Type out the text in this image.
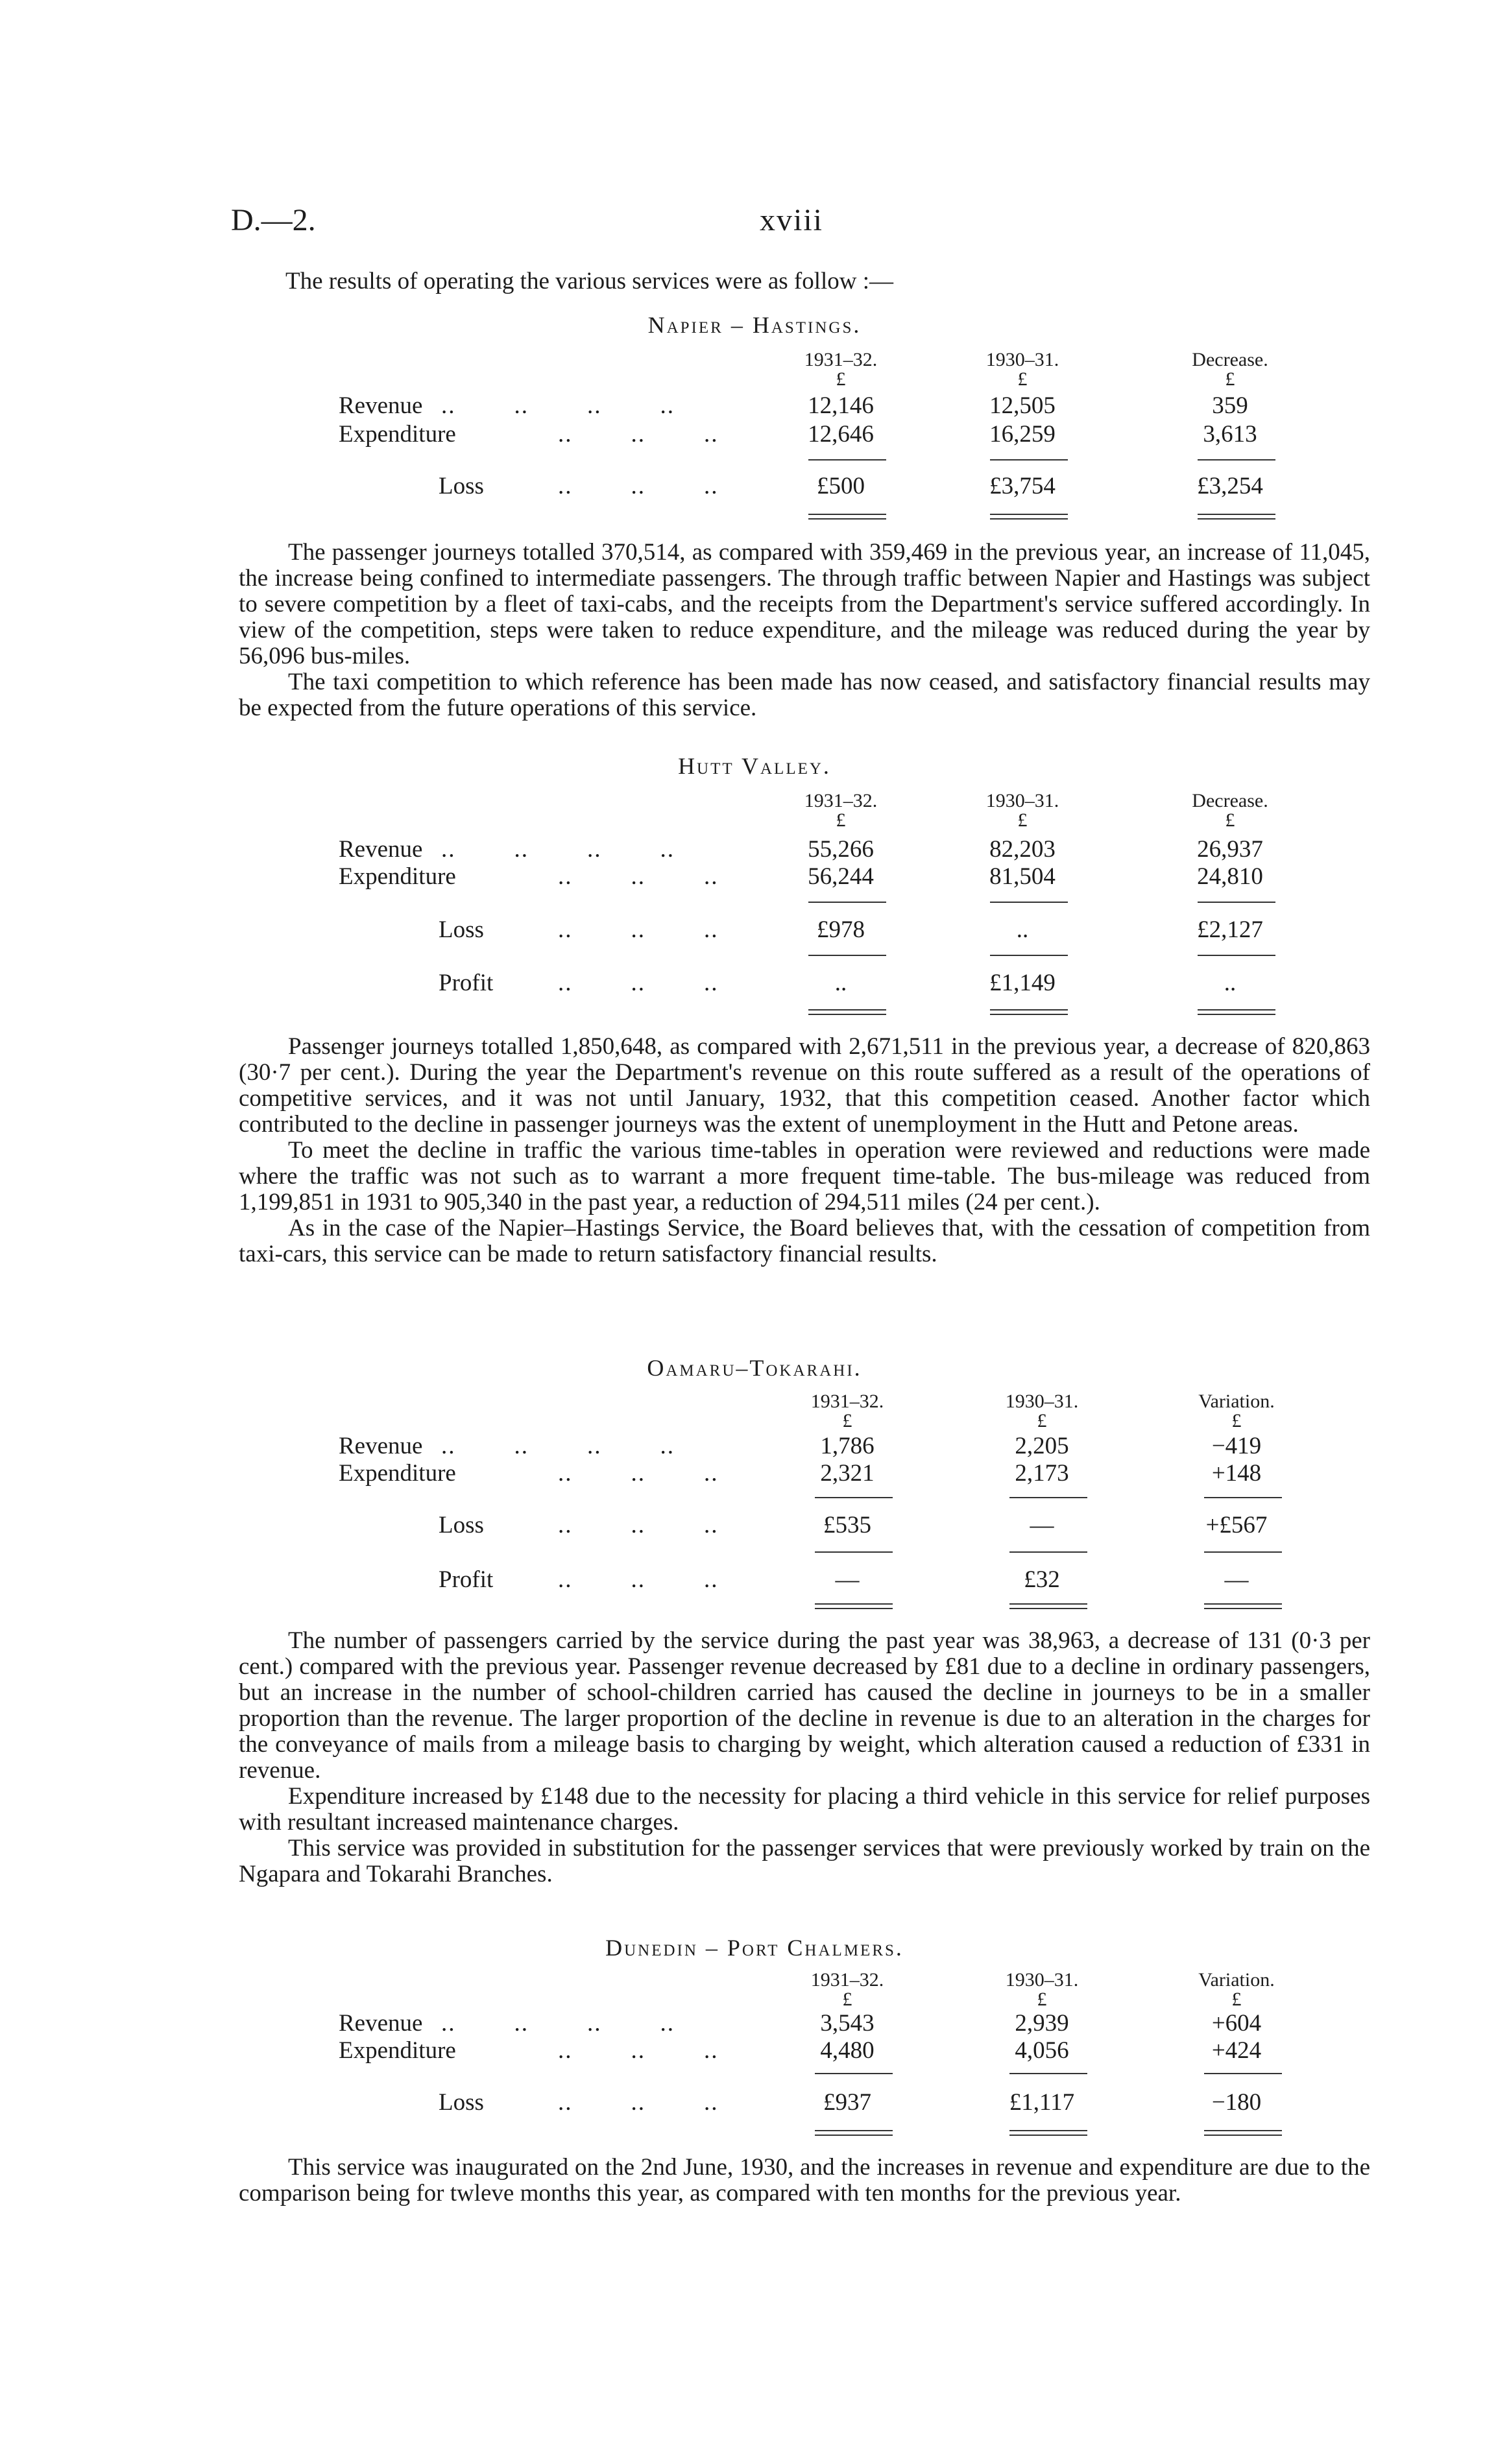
D.—2.	xviii
The results of operating the various services were as follow :—
Napier – Hastings.
1931–32.	1930–31.	Decrease.
£	£	£
Revenue ..        ..        ..        ..	12,146	12,505	359
Expenditure	..        ..        ..	12,646	16,259	3,613
Loss	..        ..        ..	£500	£3,754	£3,254

The passenger journeys totalled 370,514, as compared with 359,469 in the previous year, an increase of 11,045, the increase being confined to intermediate passengers. The through traffic between Napier and Hastings was subject to severe competition by a fleet of taxi-cabs, and the receipts from the Department's service suffered accordingly. In view of the competition, steps were taken to reduce expenditure, and the mileage was reduced during the year by 56,096 bus-miles.

The taxi competition to which reference has been made has now ceased, and satisfactory financial results may be expected from the future operations of this service.

Hutt Valley.
1931–32.	1930–31.	Decrease.
£	£	£
Revenue ..        ..        ..        ..	55,266	82,203	26,937
Expenditure	..        ..        ..	56,244	81,504	24,810
Loss	..        ..        ..	£978	..	£2,127
Profit	..        ..        ..	..	£1,149	..

Passenger journeys totalled 1,850,648, as compared with 2,671,511 in the previous year, a decrease of 820,863 (30·7 per cent.). During the year the Department's revenue on this route suffered as a result of the operations of competitive services, and it was not until January, 1932, that this competition ceased. Another factor which contributed to the decline in passenger journeys was the extent of unemployment in the Hutt and Petone areas.

To meet the decline in traffic the various time-tables in operation were reviewed and reductions were made where the traffic was not such as to warrant a more frequent time-table. The bus-mileage was reduced from 1,199,851 in 1931 to 905,340 in the past year, a reduction of 294,511 miles (24 per cent.).

As in the case of the Napier–Hastings Service, the Board believes that, with the cessation of competition from taxi-cars, this service can be made to return satisfactory financial results.

Oamaru–Tokarahi.
1931–32.	1930–31.	Variation.
£	£	£
Revenue ..        ..        ..        ..	1,786	2,205	−419
Expenditure	..        ..        ..	2,321	2,173	+148
Loss	..        ..        ..	£535	—	+£567
Profit	..        ..        ..	—	£32	—

The number of passengers carried by the service during the past year was 38,963, a decrease of 131 (0·3 per cent.) compared with the previous year. Passenger revenue decreased by £81 due to a decline in ordinary passengers, but an increase in the number of school-children carried has caused the decline in journeys to be in a smaller proportion than the revenue. The larger proportion of the decline in revenue is due to an alteration in the charges for the conveyance of mails from a mileage basis to charging by weight, which alteration caused a reduction of £331 in revenue.

Expenditure increased by £148 due to the necessity for placing a third vehicle in this service for relief purposes with resultant increased maintenance charges.

This service was provided in substitution for the passenger services that were previously worked by train on the Ngapara and Tokarahi Branches.

Dunedin – Port Chalmers.
1931–32.	1930–31.	Variation.
£	£	£
Revenue ..        ..        ..        ..	3,543	2,939	+604
Expenditure	..        ..        ..	4,480	4,056	+424
Loss	..        ..        ..	£937	£1,117	−180

This service was inaugurated on the 2nd June, 1930, and the increases in revenue and expenditure are due to the comparison being for twleve months this year, as compared with ten months for the previous year.
